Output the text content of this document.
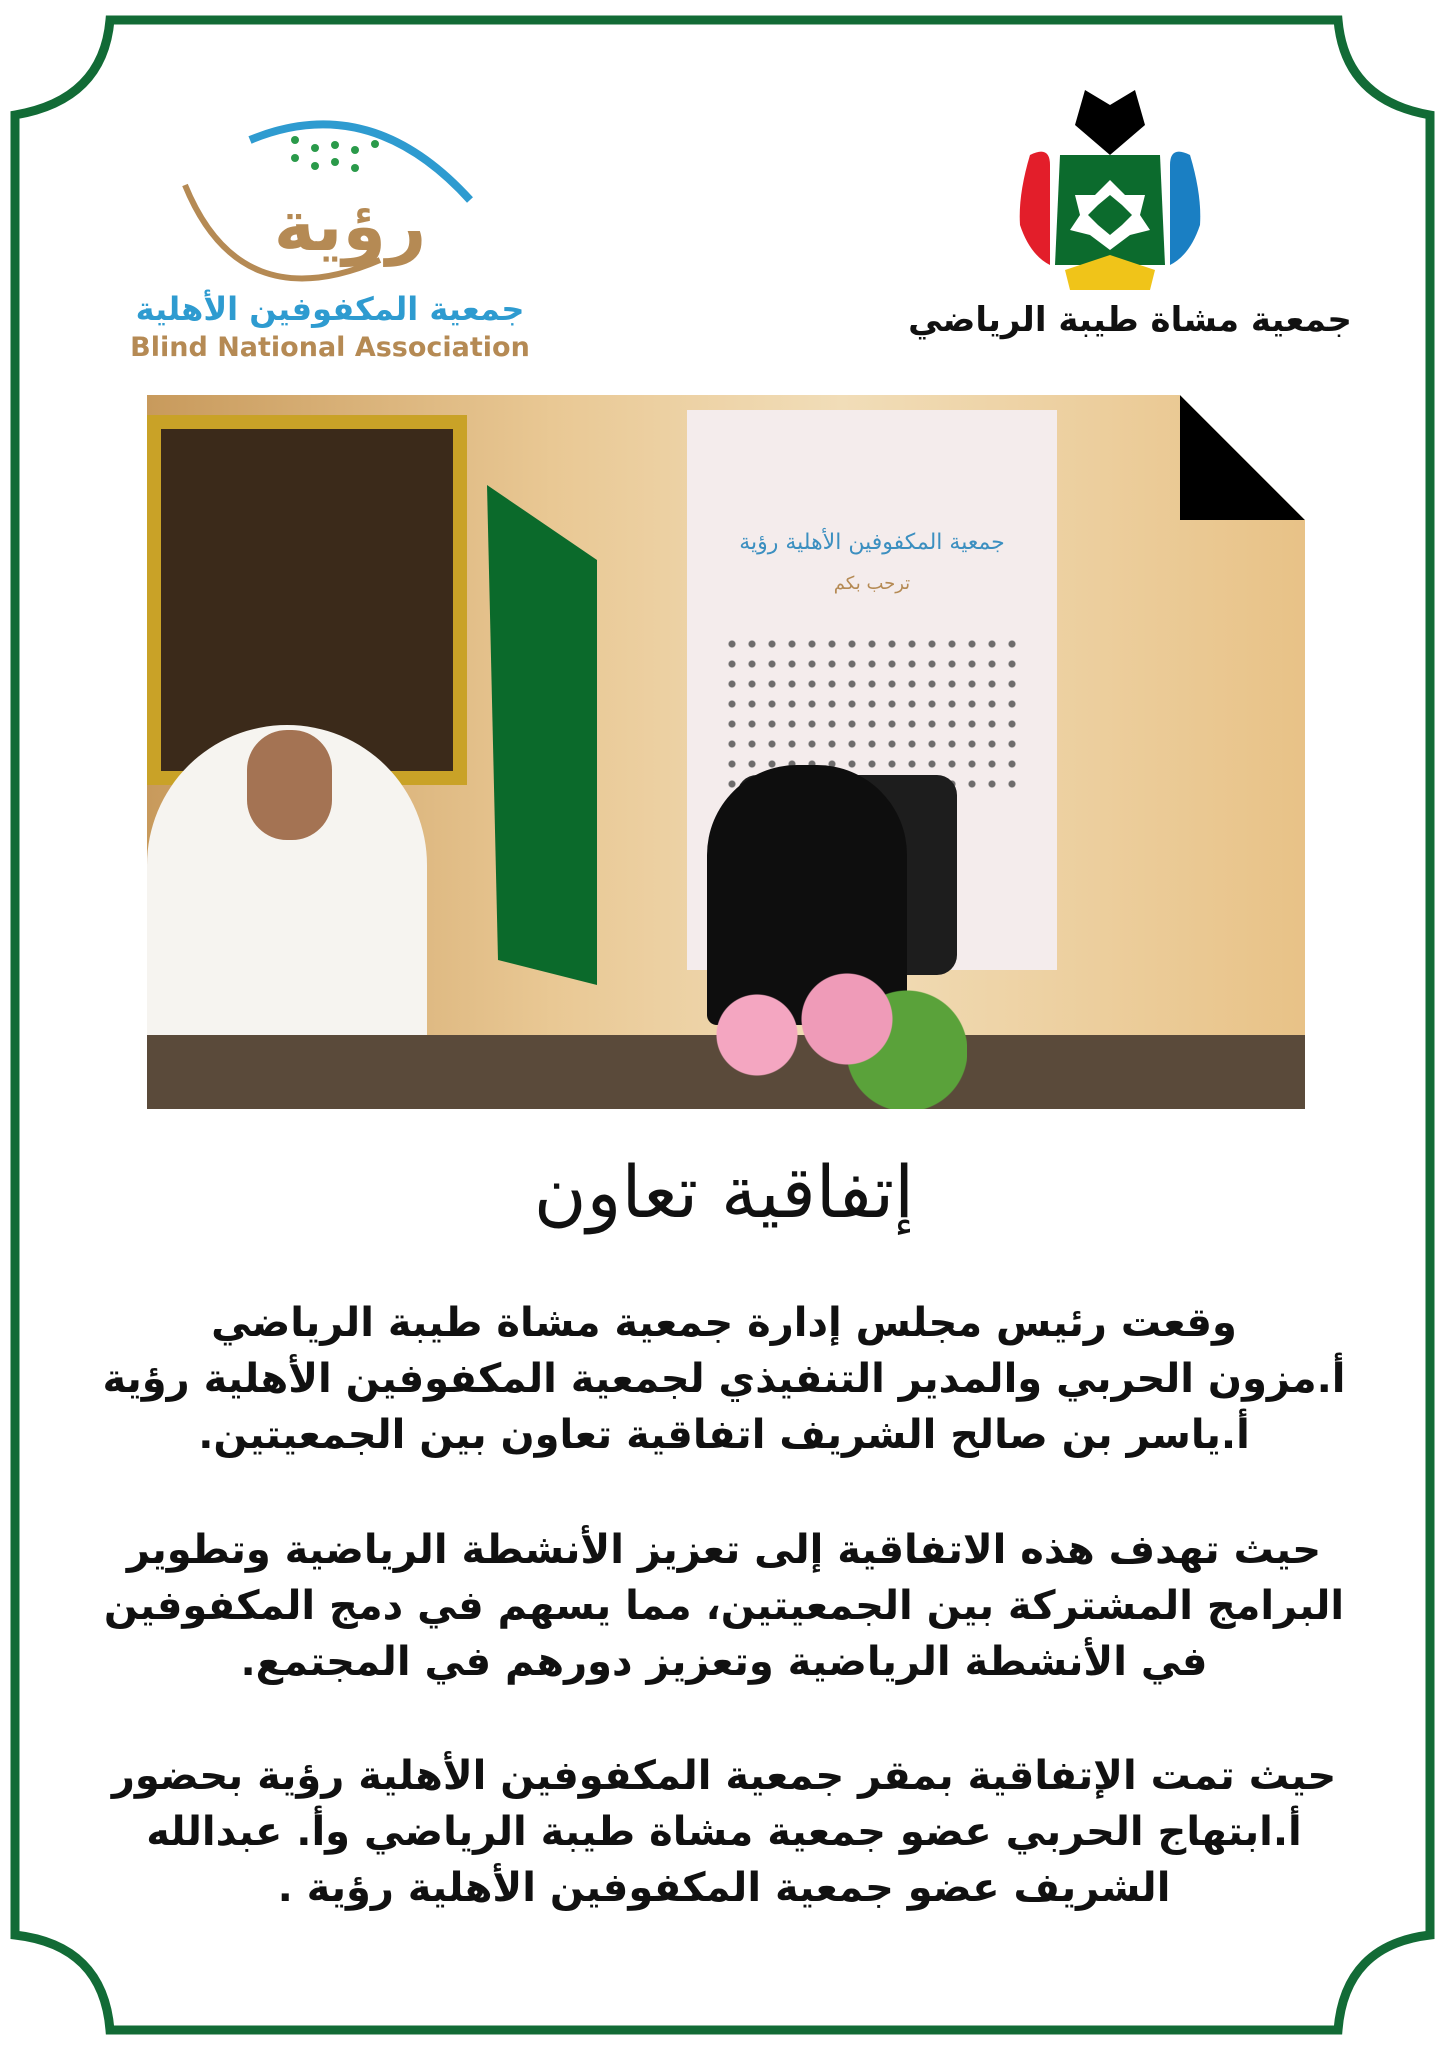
رؤية
جمعية المكفوفين الأهلية
Blind National Association
جمعية مشاة طيبة الرياضي
جمعية المكفوفين الأهلية رؤية
ترحب بكم
إتفاقية تعاون
وقعت رئيس مجلس إدارة جمعية مشاة طيبة الرياضي
أ.مزون الحربي والمدير التنفيذي لجمعية المكفوفين الأهلية رؤية
أ.ياسر بن صالح الشريف اتفاقية تعاون بين الجمعيتين.
حيث تهدف هذه الاتفاقية إلى تعزيز الأنشطة الرياضية وتطوير
البرامج المشتركة بين الجمعيتين، مما يسهم في دمج المكفوفين
في الأنشطة الرياضية وتعزيز دورهم في المجتمع.
حيث تمت الإتفاقية بمقر جمعية المكفوفين الأهلية رؤية بحضور
أ.ابتهاج الحربي عضو جمعية مشاة طيبة الرياضي وأ. عبدالله
الشريف عضو جمعية المكفوفين الأهلية رؤية .
